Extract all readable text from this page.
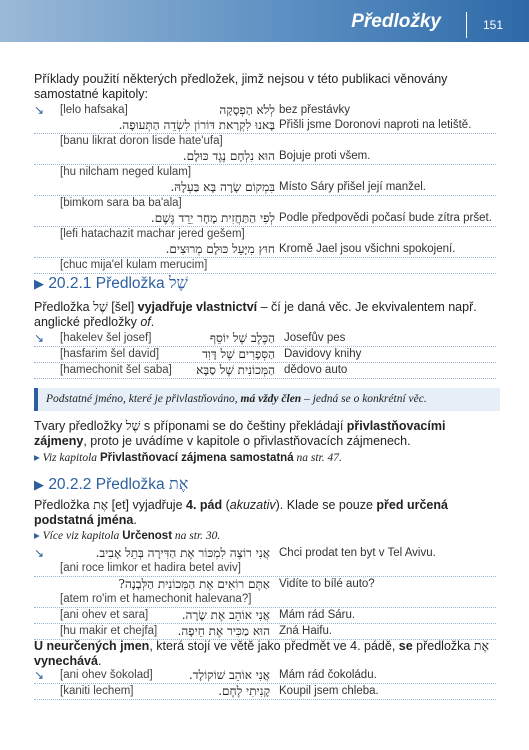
Předložky	151

Příklady použití některých předložek, jimž nejsou v této publikaci věnovány samostatné kapitoly:

↘ [lelo hafsaka]	לְלֹא הַפְסָקָה bez přestávky
בָּאנוּ לִקְרַאת דּוֹרוֹן לִשְׂדֵה הַתְּעוּפָה. Přišli jsme Doronovi naproti na letiště.
[banu likrat doron lisde hate'ufa]
הוּא נִלְחָם נֶגֶד כּוּלָם. Bojuje proti všem.
[hu nilcham neged kulam]
בִּמְקוֹם שָׂרָה בָּא בַּעְלָהּ. Místo Sáry přišel její manžel.
[bimkom sara ba ba'ala]
לְפִי הַתַּחֲזִית מָחָר יֵרֵד גֶּשֶׁם. Podle předpovědi počasí bude zítra pršet.
[lefi hatachazit machar jered gešem]
חוּץ מִיָּעֵל כּוּלָם מְרוּצִים. Kromě Jael jsou všichni spokojení.
[chuc mija'el kulam merucim]
▶ 20.2.1 Předložka שֶׁל

Předložka שֶׁל [šel] vyjadřuje vlastnictví – čí je daná věc. Je ekvivalentem např. anglické předložky of.

↘ [hakelev šel josef]	הַכֶּלֶב שֶׁל יוֹסֵף Josefův pes
[hasfarim šel david]	הַסְּפָרִים שֶׁל דָּוִד Davidovy knihy
[hamechonit šel saba] הַמְּכוֹנִית שֶׁל סַבָּא dědovo auto

Podstatné jméno, které je přivlastňováno, má vždy člen – jedná se o konkrétní věc.

Tvary předložky שֶׁל s příponami se do češtiny překládají přivlastňovacími zájmeny, proto je uvádíme v kapitole o přivlastňovacích zájmenech.

▸ Viz kapitola Přivlastňovací zájmena samostatná na str. 47.
▶ 20.2.2 Předložka אֶת

Předložka אֶת [et] vyjadřuje 4. pád (akuzativ). Klade se pouze před určená podstatná jména.

▸ Více viz kapitola Určenost na str. 30.
↘	אֲנִי רוֹצֶה לִמְכּוֹר אֶת הַדִּירָה בְּתֵל אָבִיב. Chci prodat ten byt v Tel Avivu.
[ani roce limkor et hadira betel aviv]
אַתֶּם רוֹאִים אֶת הַמְּכוֹנִית הַלְּבָנָה? Vidíte to bílé auto?
[atem ro'im et hamechonit halevana?]
[ani ohev et sara]	אֲנִי אוֹהֵב אֶת שָׂרָה. Mám rád Sáru.
[hu makir et chejfa] הוּא מַכִּיר אֶת חֵיפָה. Zná Haifu.

U neurčených jmen, která stojí ve větě jako předmět ve 4. pádě, se předložka אֶת vynechává.

↘ [ani ohev šokolad]	אֲנִי אוֹהֵב שׁוֹקוֹלָד. Mám rád čokoládu.
[kaniti lechem]	קָנִיתִי לֶחֶם. Koupil jsem chleba.
